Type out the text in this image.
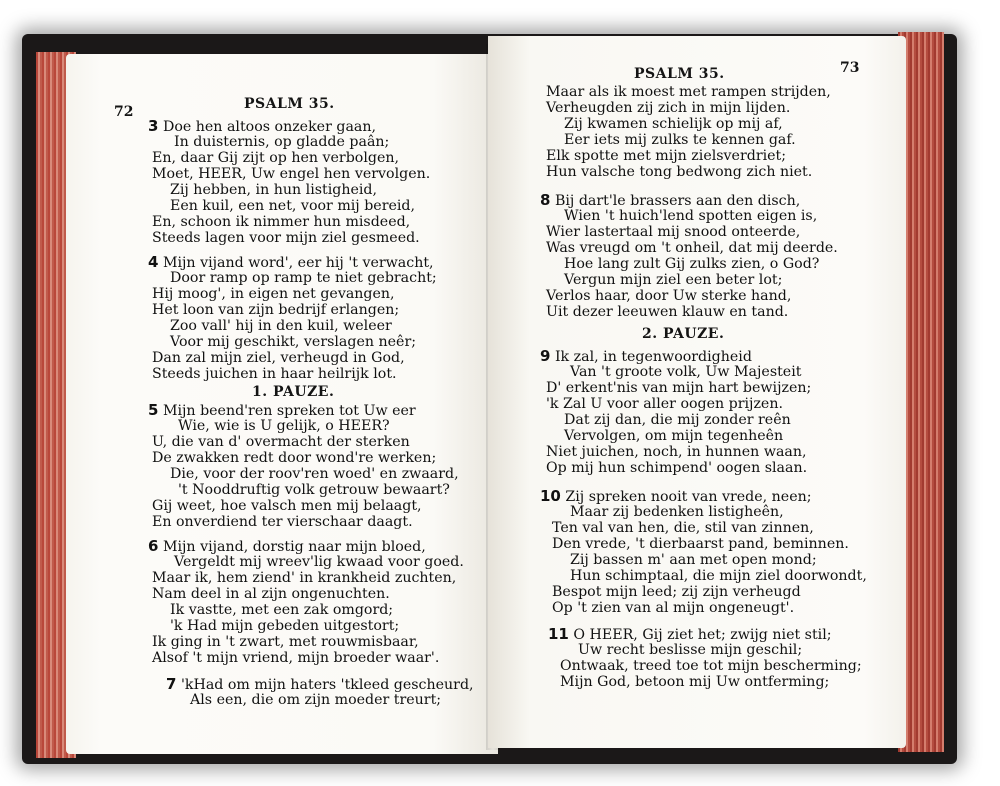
72	PSALM 35.
3 Doe hen altoos onzeker gaan,
In duisternis, op gladde paân;
En, daar Gij zijt op hen verbolgen,
Moet, HEER, Uw engel hen vervolgen.
Zij hebben, in hun listigheid,
Een kuil, een net, voor mij bereid,
En, schoon ik nimmer hun misdeed,
Steeds lagen voor mijn ziel gesmeed.
4 Mijn vijand word', eer hij 't verwacht,
Door ramp op ramp te niet gebracht;
Hij moog', in eigen net gevangen,
Het loon van zijn bedrijf erlangen;
Zoo vall' hij in den kuil, weleer
Voor mij geschikt, verslagen neêr;
Dan zal mijn ziel, verheugd in God,
Steeds juichen in haar heilrijk lot.
1. PAUZE.
5 Mijn beend'ren spreken tot Uw eer
Wie, wie is U gelijk, o HEER?
U, die van d' overmacht der sterken
De zwakken redt door wond're werken;
Die, voor der roov'ren woed' en zwaard,
't Nooddruftig volk getrouw bewaart?
Gij weet, hoe valsch men mij belaagt,
En onverdiend ter vierschaar daagt.
6 Mijn vijand, dorstig naar mijn bloed,
Vergeldt mij wreev'lig kwaad voor goed.
Maar ik, hem ziend' in krankheid zuchten,
Nam deel in al zijn ongenuchten.
Ik vastte, met een zak omgord;
'k Had mijn gebeden uitgestort;
Ik ging in 't zwart, met rouwmisbaar,
Alsof 't mijn vriend, mijn broeder waar'.
7 'kHad om mijn haters 'tkleed gescheurd,
Als een, die om zijn moeder treurt;
73
PSALM 35.
Maar als ik moest met rampen strijden,
Verheugden zij zich in mijn lijden.
Zij kwamen schielijk op mij af,
Eer iets mij zulks te kennen gaf.
Elk spotte met mijn zielsverdriet;
Hun valsche tong bedwong zich niet.
8 Bij dart'le brassers aan den disch,
Wien 't huich'lend spotten eigen is,
Wier lastertaal mij snood onteerde,
Was vreugd om 't onheil, dat mij deerde.
Hoe lang zult Gij zulks zien, o God?
Vergun mijn ziel een beter lot;
Verlos haar, door Uw sterke hand,
Uit dezer leeuwen klauw en tand.
2. PAUZE.
9 Ik zal, in tegenwoordigheid
Van 't groote volk, Uw Majesteit
D' erkent'nis van mijn hart bewijzen;
'k Zal U voor aller oogen prijzen.
Dat zij dan, die mij zonder reên
Vervolgen, om mijn tegenheên
Niet juichen, noch, in hunnen waan,
Op mij hun schimpend' oogen slaan.
10 Zij spreken nooit van vrede, neen;
Maar zij bedenken listigheên,
Ten val van hen, die, stil van zinnen,
Den vrede, 't dierbaarst pand, beminnen.
Zij bassen m' aan met open mond;
Hun schimptaal, die mijn ziel doorwondt,
Bespot mijn leed; zij zijn verheugd
Op 't zien van al mijn ongeneugt'.
11 O HEER, Gij ziet het; zwijg niet stil;
Uw recht beslisse mijn geschil;
Ontwaak, treed toe tot mijn bescherming;
Mijn God, betoon mij Uw ontferming;
